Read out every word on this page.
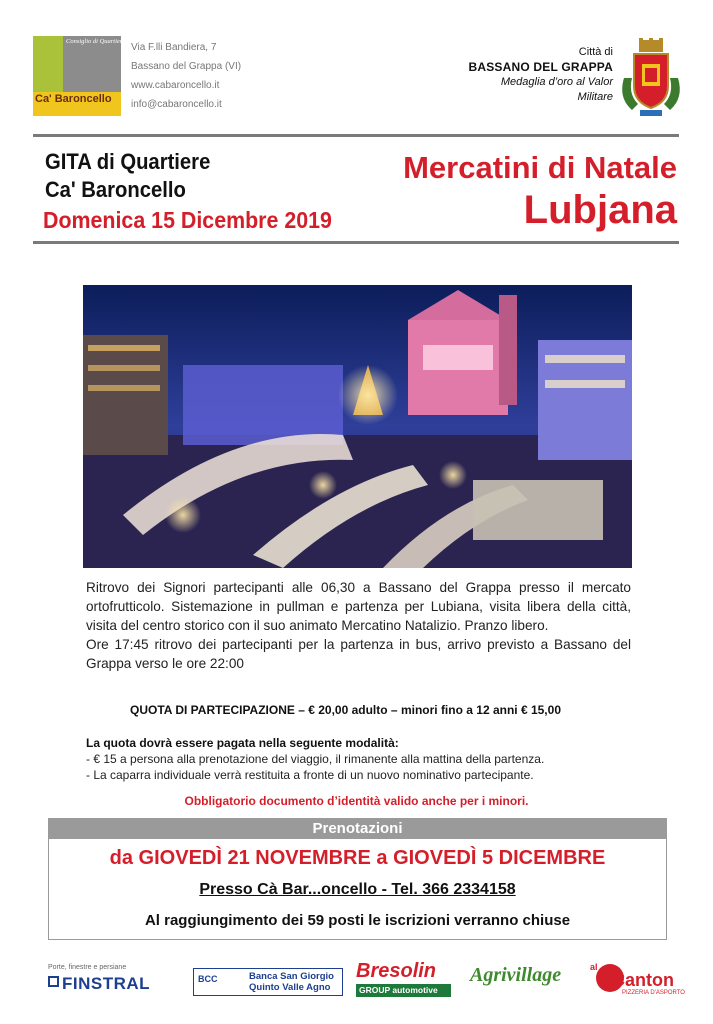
Consiglio di Quartiere
Ca' Baroncello
Via F.lli Bandiera, 7
Bassano del Grappa (VI)
www.cabaroncello.it
info@cabaroncello.it
Città di
BASSANO DEL GRAPPA
Medaglia d’oro al Valor
Militare
GITA di Quartiere
Ca' Baroncello
Domenica 15 Dicembre 2019
Mercatini di Natale
Lubjana
Ritrovo dei Signori partecipanti alle 06,30 a Bassano del Grappa presso il mercato ortofrutticolo. Sistemazione in pullman e partenza per Lubiana, visita libera della città, visita del centro storico con il suo animato Mercatino Natalizio. Pranzo libero.
Ore 17:45 ritrovo dei partecipanti per la partenza in bus, arrivo previsto a Bassano del Grappa verso le ore 22:00
QUOTA DI PARTECIPAZIONE – € 20,00 adulto – minori fino a 12 anni € 15,00
La quota dovrà essere pagata nella seguente modalità:
- € 15 a persona alla prenotazione del viaggio, il rimanente alla mattina della partenza.
- La caparra individuale verrà restituita a fronte di un nuovo nominativo partecipante.
Obbligatorio documento d’identità valido anche per i minori.
Prenotazioni
da GIOVEDÌ 21 NOVEMBRE a GIOVEDÌ 5 DICEMBRE
Presso Cà Bar...oncello - Tel. 366 2334158
Al raggiungimento dei 59 posti le iscrizioni verranno chiuse
Porte, finestre e persiane
FINSTRAL	BCC	Banca San Giorgio
Quinto Valle Agno
Bresolin
GROUP automotive
Agrivillage	al
Canton
PIZZERIA D'ASPORTO
